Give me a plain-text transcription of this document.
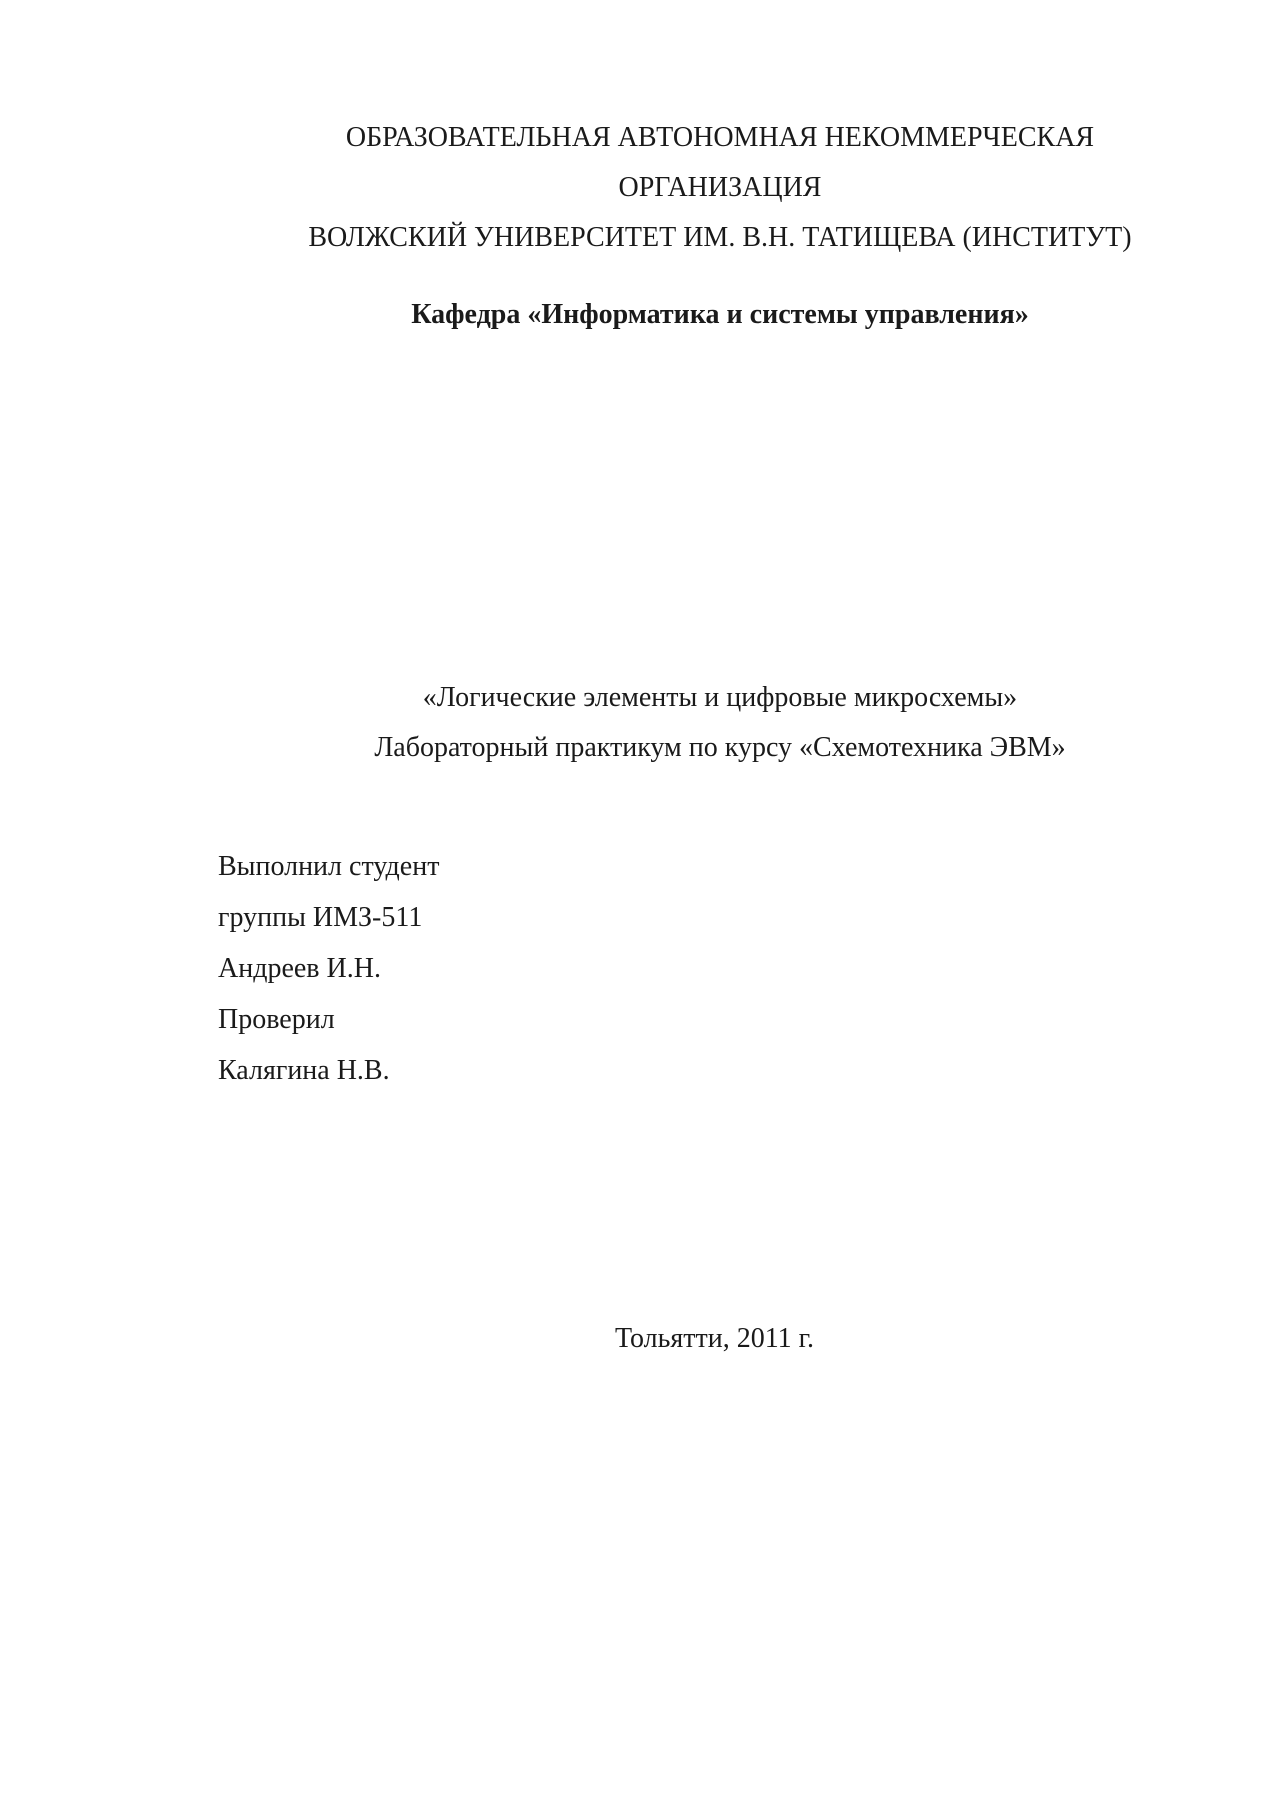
ОБРАЗОВАТЕЛЬНАЯ АВТОНОМНАЯ НЕКОММЕРЧЕСКАЯ
ОРГАНИЗАЦИЯ
ВОЛЖСКИЙ УНИВЕРСИТЕТ ИМ. В.Н. ТАТИЩЕВА (ИНСТИТУТ)
Кафедра «Информатика и системы управления»
«Логические элементы и цифровые микросхемы»
Лабораторный практикум по курсу «Схемотехника ЭВМ»
Выполнил студент
группы ИМЗ-511
Андреев И.Н.
Проверил
Калягина Н.В.
Тольятти, 2011 г.
